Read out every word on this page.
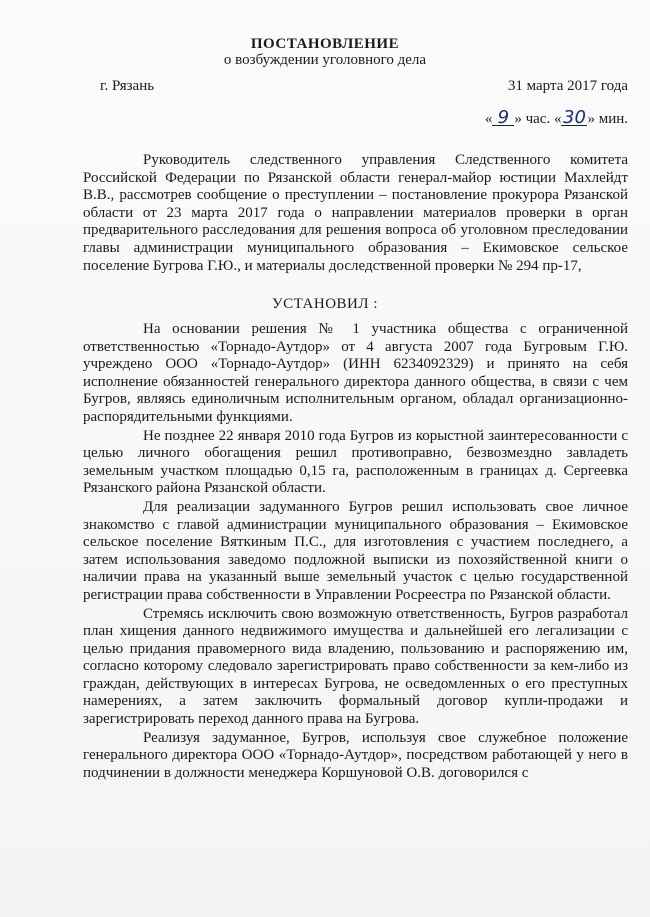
ПОСТАНОВЛЕНИЕ
о возбуждении уголовного дела
г. Рязань	31 марта 2017 года
« 9 » час. «30 » мин.

Руководитель следственного управления Следственного комитета Российской Федерации по Рязанской области генерал-майор юстиции Махлейдт В.В., рассмотрев сообщение о преступлении – постановление прокурора Рязанской области от 23 марта 2017 года о направлении материалов проверки в орган предварительного расследования для решения вопроса об уголовном преследовании главы администрации муниципального образования – Екимовское сельское поселение Бугрова Г.Ю., и материалы доследственной проверки № 294 пр-17,

УСТАНОВИЛ :

На основании решения № 1 участника общества с ограниченной ответственностью «Торнадо-Аутдор» от 4 августа 2007 года Бугровым Г.Ю. учреждено ООО «Торнадо-Аутдор» (ИНН 6234092329) и принято на себя исполнение обязанностей генерального директора данного общества, в связи с чем Бугров, являясь единоличным исполнительным органом, обладал организационно-распорядительными функциями.

Не позднее 22 января 2010 года Бугров из корыстной заинтересованности с целью личного обогащения решил противоправно, безвозмездно завладеть земельным участком площадью 0,15 га, расположенным в границах д. Сергеевка Рязанского района Рязанской области.

Для реализации задуманного Бугров решил использовать свое личное знакомство с главой администрации муниципального образования – Екимовское сельское поселение Вяткиным П.С., для изготовления с участием последнего, а затем использования заведомо подложной выписки из похозяйственной книги о наличии права на указанный выше земельный участок с целью государственной регистрации права собственности в Управлении Росреестра по Рязанской области.

Стремясь исключить свою возможную ответственность, Бугров разработал план хищения данного недвижимого имущества и дальнейшей его легализации с целью придания правомерного вида владению, пользованию и распоряжению им, согласно которому следовало зарегистрировать право собственности за кем-либо из граждан, действующих в интересах Бугрова, не осведомленных о его преступных намерениях, а затем заключить формальный договор купли-продажи и зарегистрировать переход данного права на Бугрова.

Реализуя задуманное, Бугров, используя свое служебное положение генерального директора ООО «Торнадо-Аутдор», посредством работающей у него в подчинении в должности менеджера Коршуновой О.В. договорился с
